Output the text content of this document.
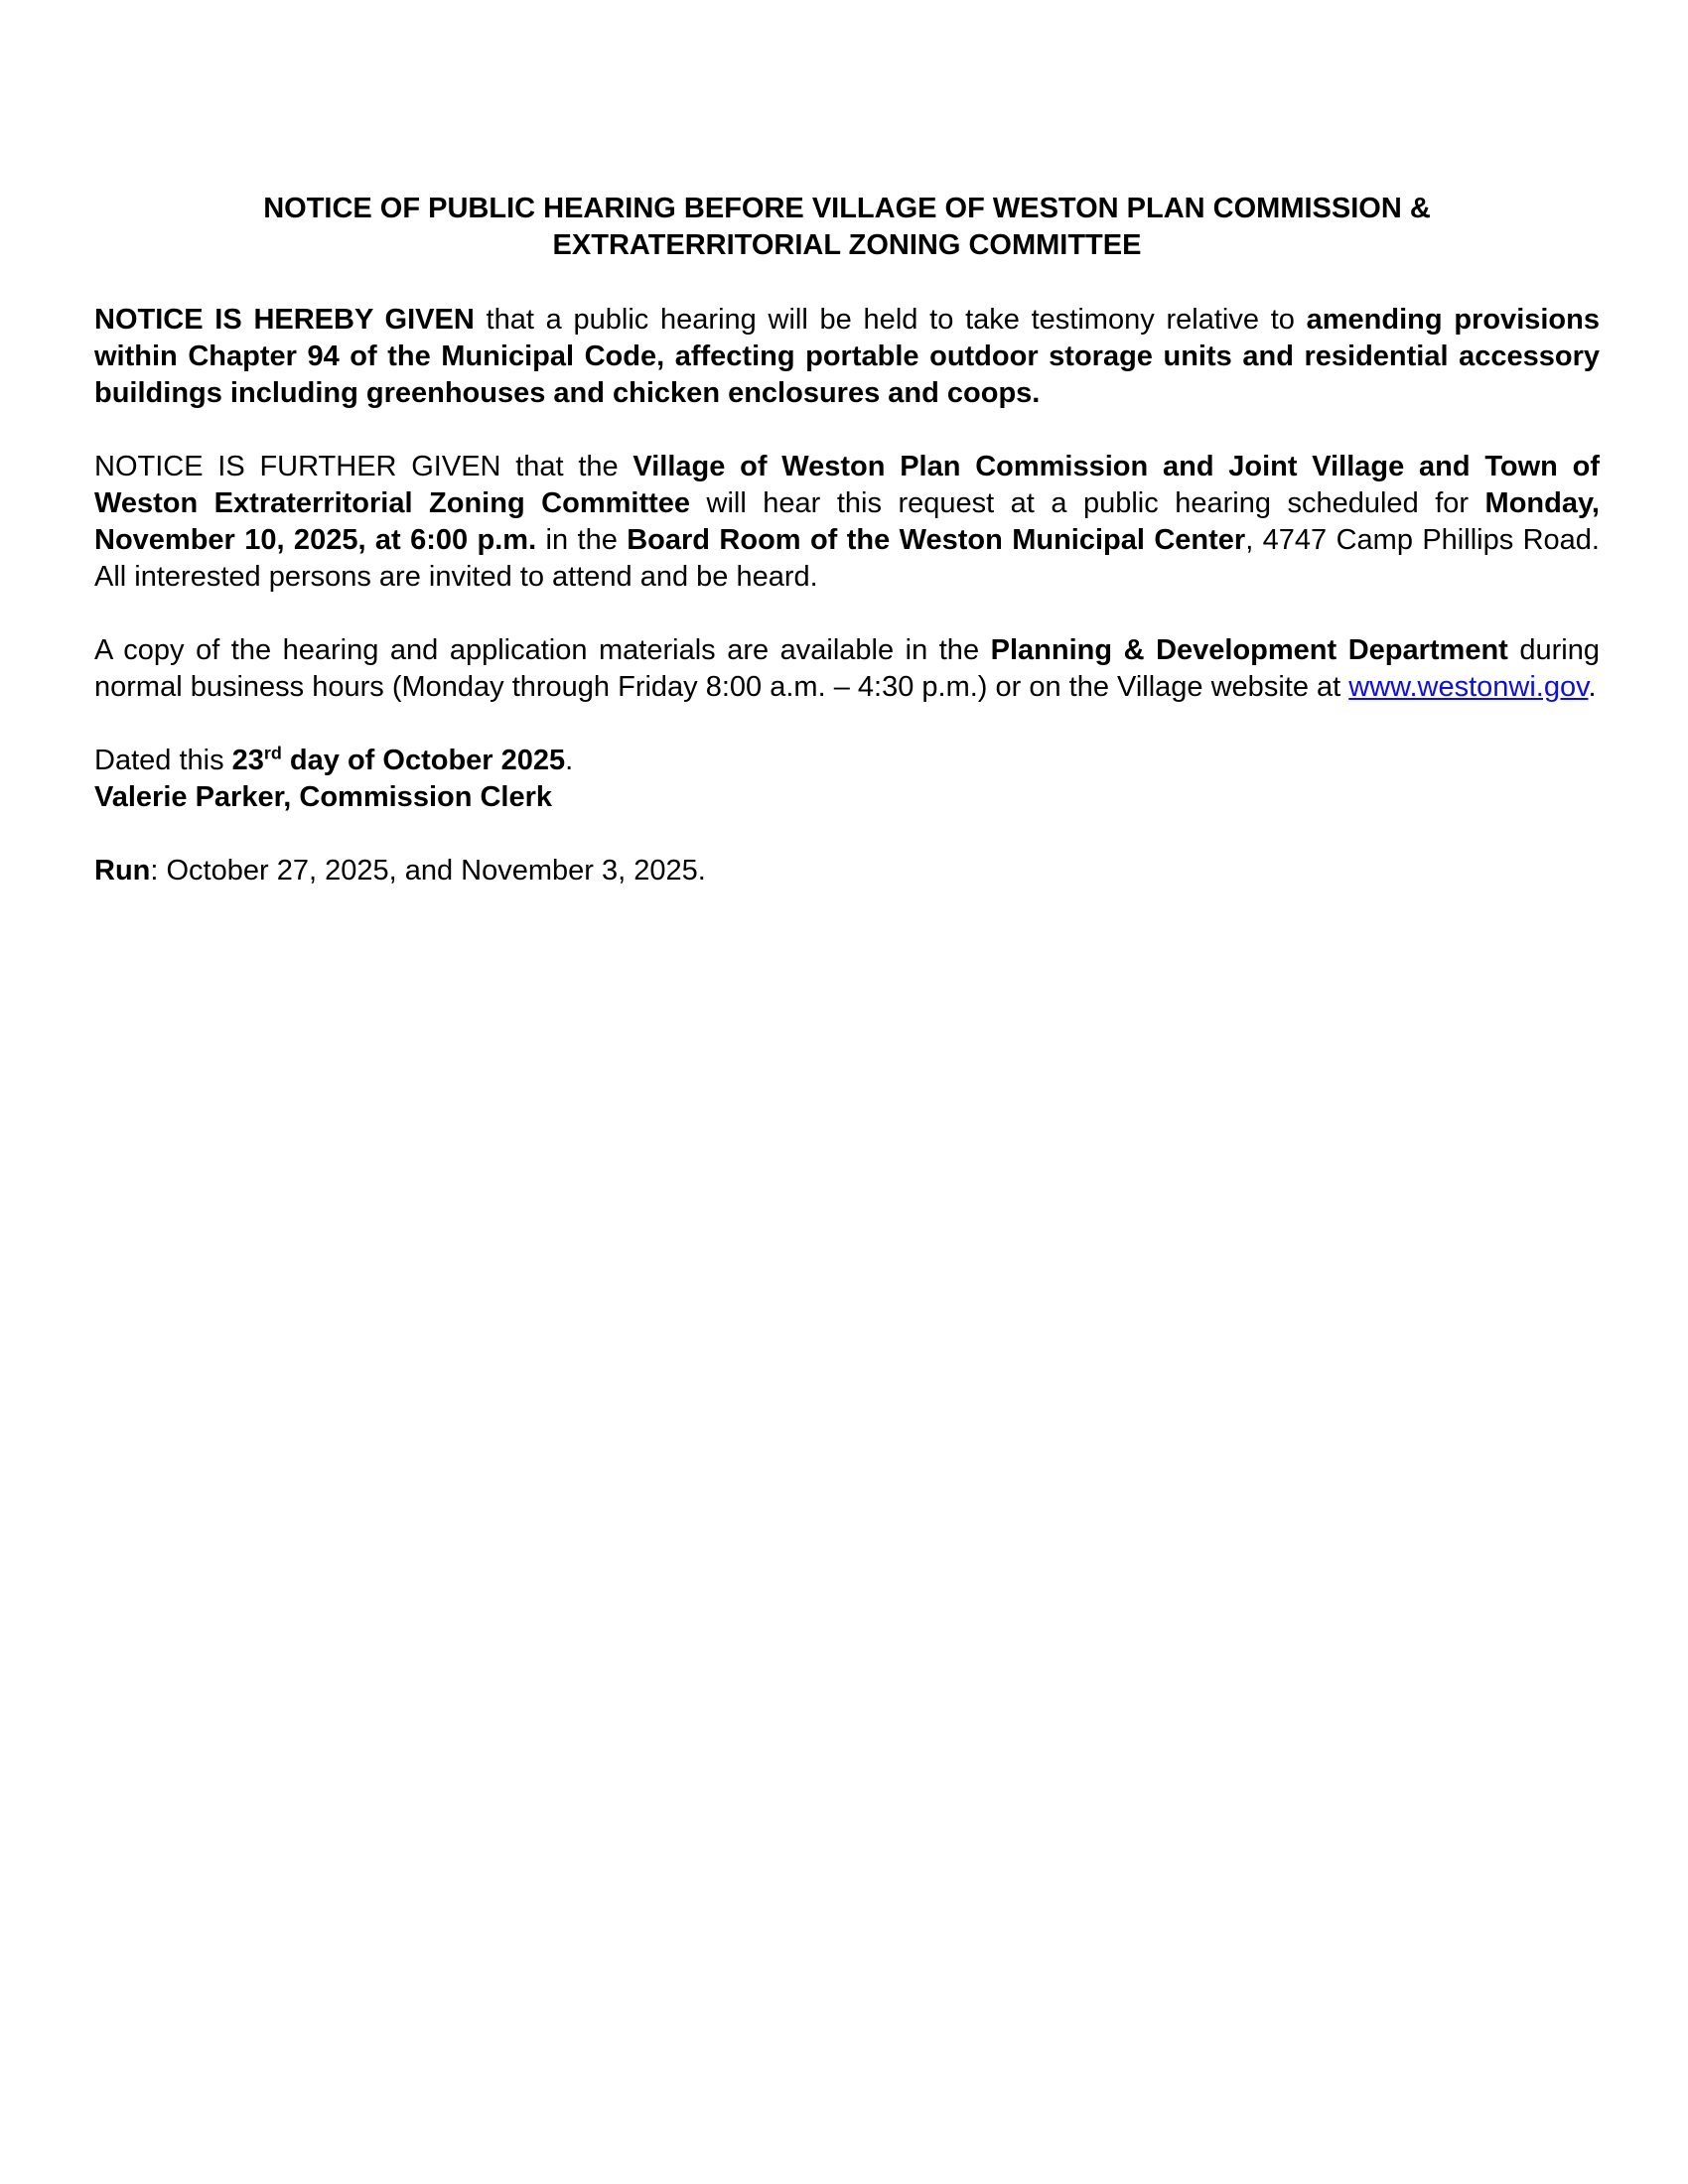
NOTICE OF PUBLIC HEARING BEFORE VILLAGE OF WESTON PLAN COMMISSION &
EXTRATERRITORIAL ZONING COMMITTEE

NOTICE IS HEREBY GIVEN that a public hearing will be held to take testimony relative to amending provisions within Chapter 94 of the Municipal Code, affecting portable outdoor storage units and residential accessory buildings including greenhouses and chicken enclosures and coops.

NOTICE IS FURTHER GIVEN that the Village of Weston Plan Commission and Joint Village and Town of Weston Extraterritorial Zoning Committee will hear this request at a public hearing scheduled for Monday, November 10, 2025, at 6:00 p.m. in the Board Room of the Weston Municipal Center, 4747 Camp Phillips Road. All interested persons are invited to attend and be heard.

A copy of the hearing and application materials are available in the Planning & Development Department during normal business hours (Monday through Friday 8:00 a.m. – 4:30 p.m.) or on the Village website at www.westonwi.gov.

Dated this 23rd day of October 2025.
Valerie Parker, Commission Clerk

Run: October 27, 2025, and November 3, 2025.
